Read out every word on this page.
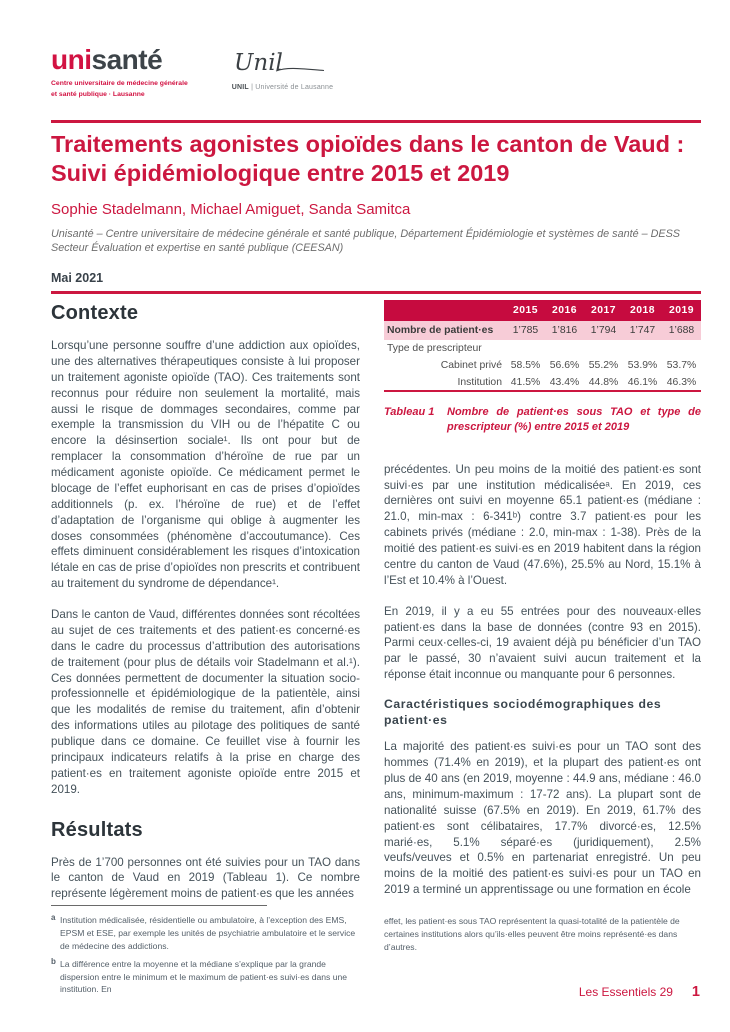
unisanté
Centre universitaire de médecine générale
et santé publique · Lausanne
Unil
UNIL | Université de Lausanne
Traitements agonistes opioïdes dans le canton de Vaud : Suivi épidémiologique entre 2015 et 2019
Sophie Stadelmann, Michael Amiguet, Sanda Samitca
Unisanté – Centre universitaire de médecine générale et santé publique, Département Épidémiologie et systèmes de santé – DESS Secteur Évaluation et expertise en santé publique (CEESAN)
Mai 2021
Contexte

Lorsqu’une personne souffre d’une addiction aux opioïdes, une des alternatives thérapeutiques consiste à lui proposer un traitement agoniste opioïde (TAO). Ces traitements sont reconnus pour réduire non seulement la mortalité, mais aussi le risque de dommages secondaires, comme par exemple la transmission du VIH ou de l’hépatite C ou encore la désinsertion sociale¹. Ils ont pour but de remplacer la consommation d’héroïne de rue par un médicament agoniste opioïde. Ce médicament permet le blocage de l’effet euphorisant en cas de prises d’opioïdes additionnels (p. ex. l’héroïne de rue) et de l’effet d’adaptation de l’organisme qui oblige à augmenter les doses consommées (phénomène d’accoutumance). Ces effets diminuent considérablement les risques d’intoxication létale en cas de prise d’opioïdes non prescrits et contribuent au traitement du syndrome de dépendance¹.

Dans le canton de Vaud, différentes données sont récoltées au sujet de ces traitements et des patient·es concerné·es dans le cadre du processus d’attribution des autorisations de traitement (pour plus de détails voir Stadelmann et al.¹). Ces données permettent de documenter la situation socio-professionnelle et épidémiologique de la patientèle, ainsi que les modalités de remise du traitement, afin d’obtenir des informations utiles au pilotage des politiques de santé publique dans ce domaine. Ce feuillet vise à fournir les principaux indicateurs relatifs à la prise en charge des patient·es en traitement agoniste opioïde entre 2015 et 2019.

Résultats

Près de 1’700 personnes ont été suivies pour un TAO dans le canton de Vaud en 2019 (Tableau 1). Ce nombre représente légèrement moins de patient·es que les années

	2015	2016	2017	2018	2019
Nombre de patient·es	1’785	1’816	1’794	1’747	1’688
Type de prescripteur					
Cabinet privé	58.5%	56.6%	55.2%	53.9%	53.7%
Institution	41.5%	43.4%	44.8%	46.1%	46.3%
Tableau 1	Nombre de patient·es sous TAO et type de prescripteur (%) entre 2015 et 2019

précédentes. Un peu moins de la moitié des patient·es sont suivi·es par une institution médicaliséeᵃ. En 2019, ces dernières ont suivi en moyenne 65.1 patient·es (médiane : 21.0, min-max : 6-341ᵇ) contre 3.7 patient·es pour les cabinets privés (médiane : 2.0, min-max : 1-38). Près de la moitié des patient·es suivi·es en 2019 habitent dans la région centre du canton de Vaud (47.6%), 25.5% au Nord, 15.1% à l’Est et 10.4% à l’Ouest.

En 2019, il y a eu 55 entrées pour des nouveaux·elles patient·es dans la base de données (contre 93 en 2015). Parmi ceux·celles-ci, 19 avaient déjà pu bénéficier d’un TAO par le passé, 30 n’avaient suivi aucun traitement et la réponse était inconnue ou manquante pour 6 personnes.

Caractéristiques sociodémographiques des patient·es

La majorité des patient·es suivi·es pour un TAO sont des hommes (71.4% en 2019), et la plupart des patient·es ont plus de 40 ans (en 2019, moyenne : 44.9 ans, médiane : 46.0 ans, minimum-maximum : 17-72 ans). La plupart sont de nationalité suisse (67.5% en 2019). En 2019, 61.7% des patient·es sont célibataires, 17.7% divorcé·es, 12.5% marié·es, 5.1% séparé·es (juridiquement), 2.5% veufs/veuves et 0.5% en partenariat enregistré. Un peu moins de la moitié des patient·es suivi·es pour un TAO en 2019 a terminé un apprentissage ou une formation en école

a Institution médicalisée, résidentielle ou ambulatoire, à l’exception des EMS, EPSM et ESE, par exemple les unités de psychiatrie ambulatoire et le service de médecine des addictions.
b La différence entre la moyenne et la médiane s’explique par la grande dispersion entre le minimum et le maximum de patient·es suivi·es dans une institution. En
effet, les patient·es sous TAO représentent la quasi-totalité de la patientèle de certaines institutions alors qu’ils·elles peuvent être moins représenté·es dans d’autres.
Les Essentiels 29 1
